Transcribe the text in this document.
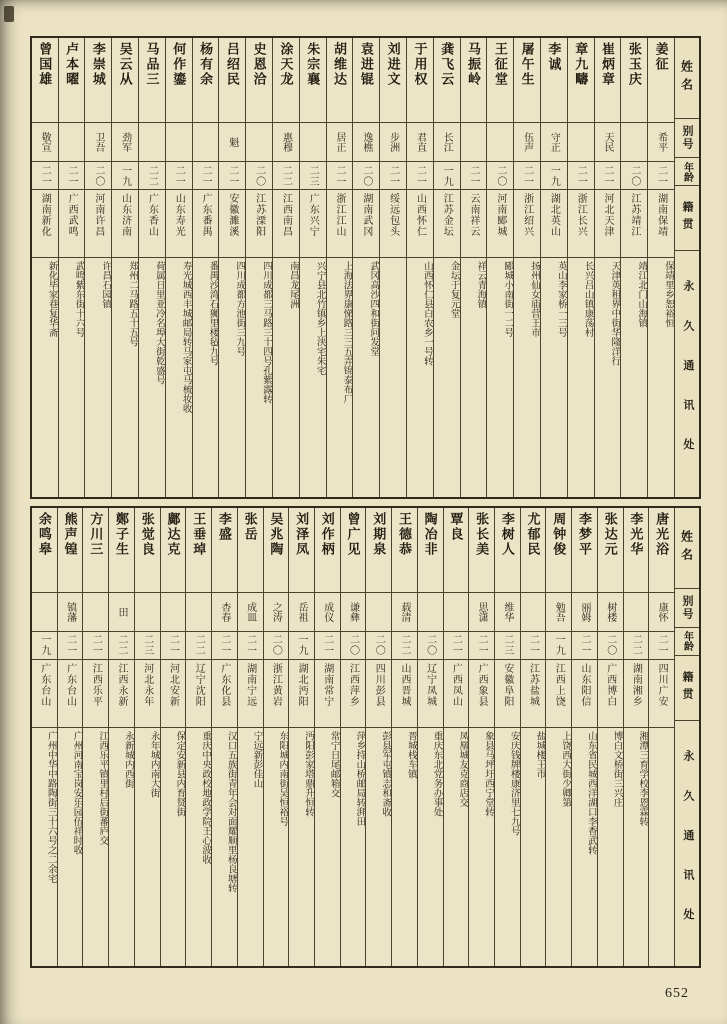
姓名
别号
年龄
籍贯
永久通讯处
姜征
希平
二一
湖南保靖
保靖里乡恕裕恒
张玉庆
二〇
江苏靖江
靖江北门山海镇
崔炳章
天民
二一
河北天津
天津英租界中街华隆洋行
章九疇
二一
浙江长兴
长兴吕山镇康荡村
李诚
守正
一九
湖北英山
英山李家桥一三号
屠午生
伍声
二一
浙江绍兴
扬州仙女庙营王市
王征堂
二〇
河南郾城
郾城小南街一二号
马振岭
二一
云南祥云
祥云青海镇
龚飞云
长江
一九
江苏金坛
金坛于复元堂
于用权
君直
二一
山西怀仁
山西怀仁县白农乡一号转
刘进文
步洲
二一
绥远包头
袁进锟
逸樵
二〇
湖南武冈
武冈高沙四和街问发堂
胡维达
居正
二一
浙江江山
上海法界康悌路三三五弄锦泰布厂
朱宗襄
二三
广东兴宁
兴宁县北竹镇乡上浃宅朱宅
涂天龙
惠穆
二二
江西南昌
南昌龙尾洲
史恩洽
二〇
江苏溧阳
四川成都三马路三十四号孔紫露转
吕绍民
魁
二一
安徽濉溪
四川成都方池街三九号
杨有余
二一
广东番禺
番禺沙湾石狮里楼毡九号
何作鎏
二一
山东寿光
寿光城西丰城邮局转马家屯马梳妆收
马品三
二二
广东香山
荷属日里亚冷名埠大街乾盛号
吴云从
劲军
一九
山东济南
郑州二马路五十五号
李崇城
卫吾
二〇
河南许昌
许昌石园镇
卢本曜
二一
广西武鸣
武鸣紫东街十六号
曾国雄
敬宣
二一
湖南新化
新化毕家巷复华斋
姓名
别号
年龄
籍贯
永久通讯处
唐光浴
康怀
二一
四川广安
李光华
二二
湖南湘乡
湘潭三育学校李恩霖转
张达元
树楼
二〇
广西博白
博白文桥街三兴庄
李梦平
丽姆
二一
山东阳信
山东省民城西洋湖口李香武转
周钟俊
勉吾
一九
江西上饶
上饶西大街少卿第
尤郁民
二一
江苏盐城
盐城楼王市
李树人
维华
二三
安徽阜阳
安庆钱牌楼康济里七九号
张长美
思潇
二一
广西象县
象县马坪圩西宁堂转
覃良
二一
广西凤山
凤凰城友克商店交
陶冶非
二〇
辽宁凤城
重庆东北党务办事处
王德恭
载清
二二
山西晋城
晋城栈车镇
刘期泉
二〇
四川彭县
彭县军屯镇志和斋收
曾广见
谦彝
二〇
江西萍乡
萍乡持山桥邮局转湃田
刘作柄
成仪
二一
湖南常宁
常宁日尾邮箱交
刘泽凤
岳祖
一九
湖北沔阳
沔阳彭家塔鼎升恒转
吴兆陶
之涛
二〇
浙江黄岩
东阳城内南街吴恒裕号
张岳
成皿
二一
湖南宁远
宁远新彭佳山
李盛
杏春
二一
广东化县
汉口五族街青年会对面耀顺里杨良塘转
王垂琸
二二
辽宁沈阳
重庆中央政校地政学院王心波收
鄺达克
二一
河北安新
保定安新县内育贤街
张觉良
二三
河北永年
永年城内南大街
鄭子生
田
二二
江西永新
永新城内西街
方川三
二一
江西乐平
江西乐平镇里村后街蕃庐交
熊声锽
镇藩
二一
广东台山
广州河南宝岗安乐园伍祥时收
余鸣皋
一九
广东台山
广州中华中路陶街三十六号之二余宅
652
